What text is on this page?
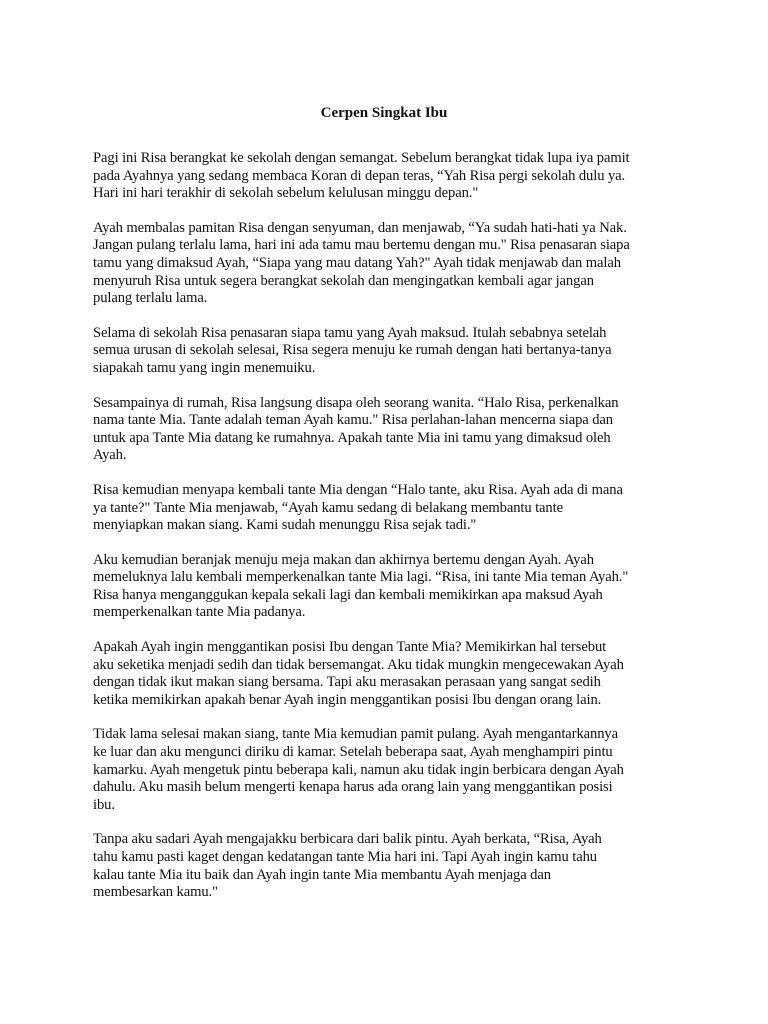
Cerpen Singkat Ibu

Pagi ini Risa berangkat ke sekolah dengan semangat. Sebelum berangkat tidak lupa iya pamit
pada Ayahnya yang sedang membaca Koran di depan teras, “Yah Risa pergi sekolah dulu ya.
Hari ini hari terakhir di sekolah sebelum kelulusan minggu depan."

Ayah membalas pamitan Risa dengan senyuman, dan menjawab, “Ya sudah hati-hati ya Nak.
Jangan pulang terlalu lama, hari ini ada tamu mau bertemu dengan mu." Risa penasaran siapa
tamu yang dimaksud Ayah, “Siapa yang mau datang Yah?" Ayah tidak menjawab dan malah
menyuruh Risa untuk segera berangkat sekolah dan mengingatkan kembali agar jangan
pulang terlalu lama.

Selama di sekolah Risa penasaran siapa tamu yang Ayah maksud. Itulah sebabnya setelah
semua urusan di sekolah selesai, Risa segera menuju ke rumah dengan hati bertanya-tanya
siapakah tamu yang ingin menemuiku.

Sesampainya di rumah, Risa langsung disapa oleh seorang wanita. “Halo Risa, perkenalkan
nama tante Mia. Tante adalah teman Ayah kamu." Risa perlahan-lahan mencerna siapa dan
untuk apa Tante Mia datang ke rumahnya. Apakah tante Mia ini tamu yang dimaksud oleh
Ayah.

Risa kemudian menyapa kembali tante Mia dengan “Halo tante, aku Risa. Ayah ada di mana
ya tante?" Tante Mia menjawab, “Ayah kamu sedang di belakang membantu tante
menyiapkan makan siang. Kami sudah menunggu Risa sejak tadi."

Aku kemudian beranjak menuju meja makan dan akhirnya bertemu dengan Ayah. Ayah
memeluknya lalu kembali memperkenalkan tante Mia lagi. “Risa, ini tante Mia teman Ayah."
Risa hanya menganggukan kepala sekali lagi dan kembali memikirkan apa maksud Ayah
memperkenalkan tante Mia padanya.

Apakah Ayah ingin menggantikan posisi Ibu dengan Tante Mia? Memikirkan hal tersebut
aku seketika menjadi sedih dan tidak bersemangat. Aku tidak mungkin mengecewakan Ayah
dengan tidak ikut makan siang bersama. Tapi aku merasakan perasaan yang sangat sedih
ketika memikirkan apakah benar Ayah ingin menggantikan posisi Ibu dengan orang lain.

Tidak lama selesai makan siang, tante Mia kemudian pamit pulang. Ayah mengantarkannya
ke luar dan aku mengunci diriku di kamar. Setelah beberapa saat, Ayah menghampiri pintu
kamarku. Ayah mengetuk pintu beberapa kali, namun aku tidak ingin berbicara dengan Ayah
dahulu. Aku masih belum mengerti kenapa harus ada orang lain yang menggantikan posisi
ibu.

Tanpa aku sadari Ayah mengajakku berbicara dari balik pintu. Ayah berkata, “Risa, Ayah
tahu kamu pasti kaget dengan kedatangan tante Mia hari ini. Tapi Ayah ingin kamu tahu
kalau tante Mia itu baik dan Ayah ingin tante Mia membantu Ayah menjaga dan
membesarkan kamu."
